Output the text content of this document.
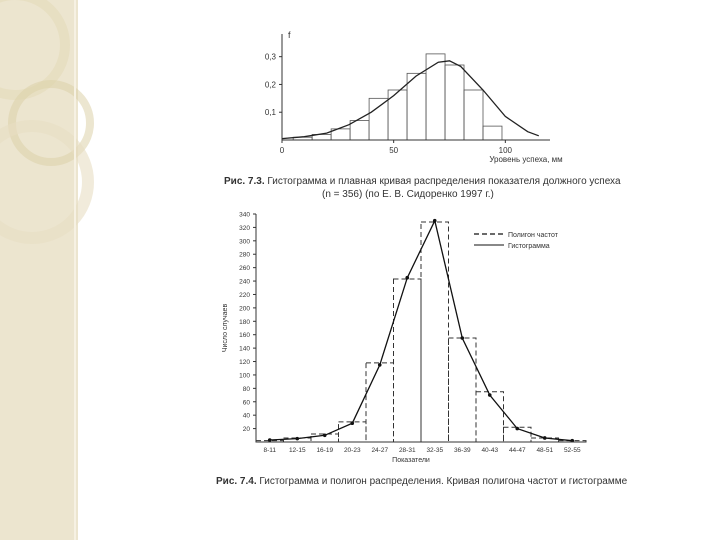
0,1
0,2
0,3
0	50	100
f
Уровень успеха, мм
Рис. 7.3. Гистограмма и плавная кривая распределения показателя должного успеха
(n = 356) (по Е. В. Сидоренко 1997 г.)
20
40
60
80
100
120
140
160
180
200
220
240
260
280
300
320
340
8-11 12-15 16-19 20-23 24-27 28-31 32-35 36-39 40-43 44-47 48-51 52-55
Показатели
Число случаев
Полигон частот
Гистограмма
Рис. 7.4. Гистограмма и полигон распределения. Кривая полигона частот и гистограмме
